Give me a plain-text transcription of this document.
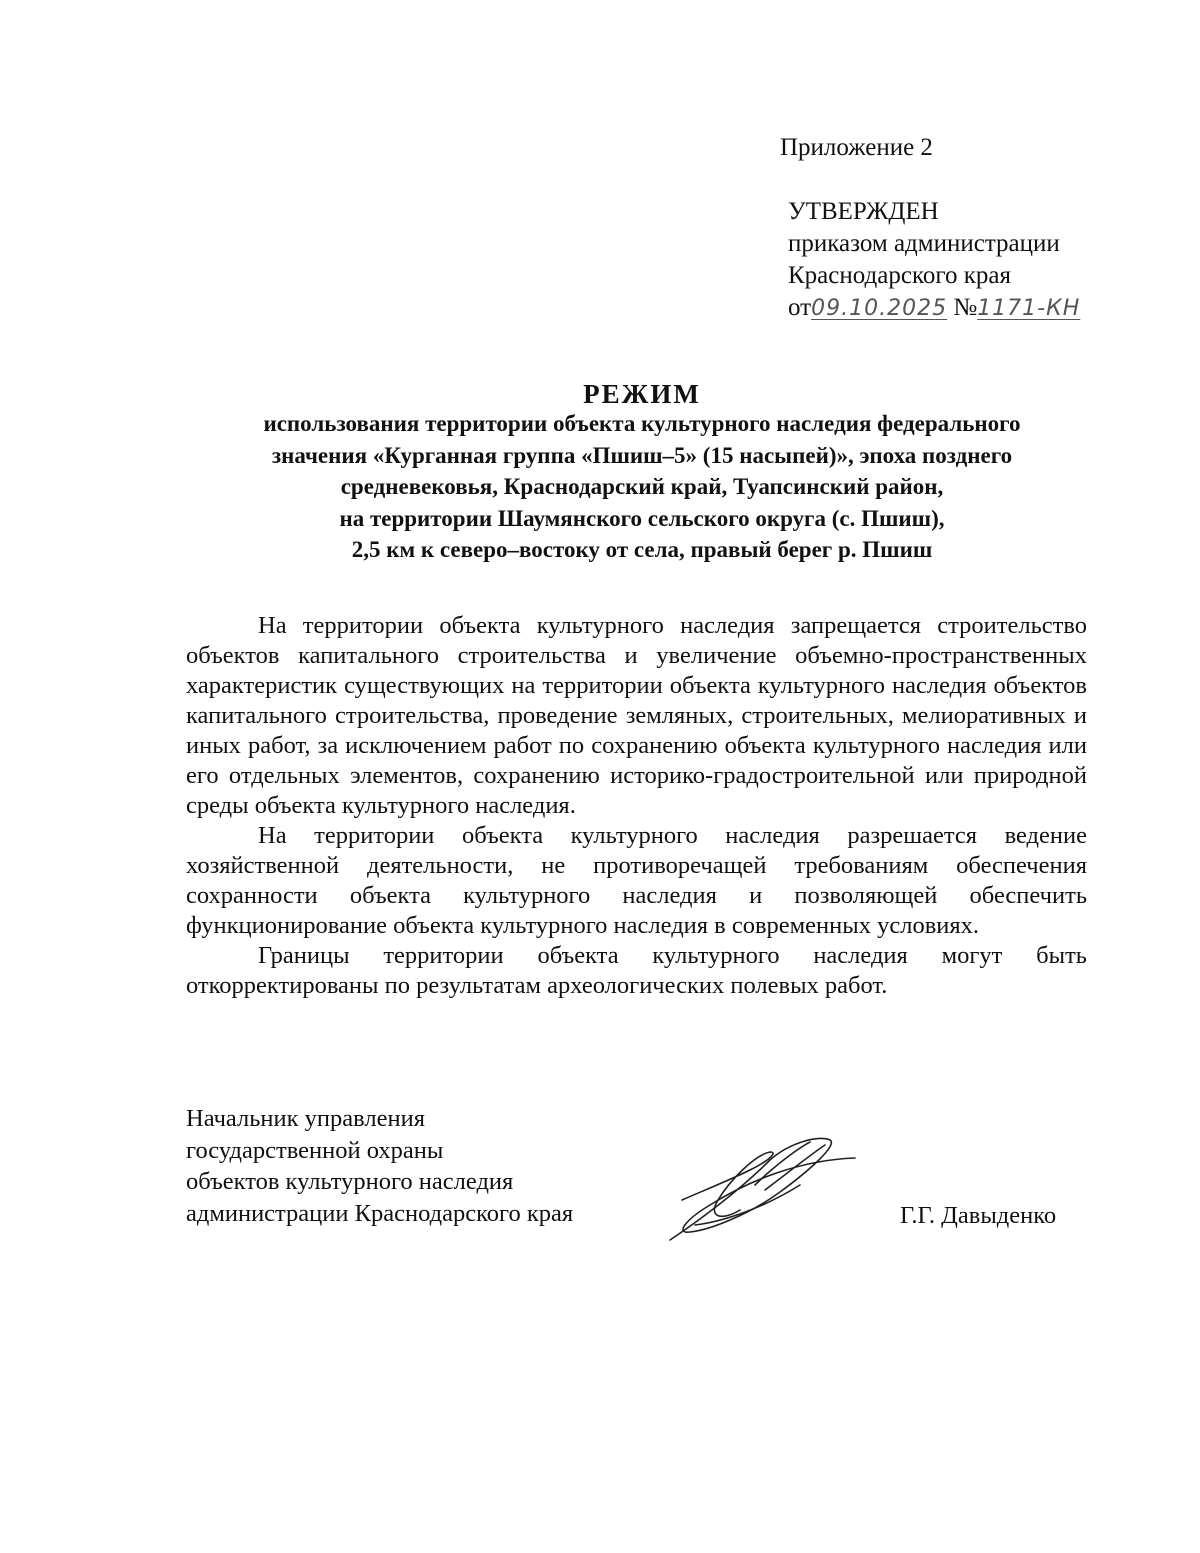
Приложение 2
УТВЕРЖДЕН
приказом администрации
Краснодарского края
от09.10.2025 №1171-КН
РЕЖИМ
использования территории объекта культурного наследия федерального
значения «Курганная группа «Пшиш–5» (15 насыпей)», эпоха позднего
средневековья, Краснодарский край, Туапсинский район,
на территории Шаумянского сельского округа (с. Пшиш),
2,5 км к северо–востоку от села, правый берег р. Пшиш

На территории объекта культурного наследия запрещается строительство объектов капитального строительства и увеличение объемно-пространственных характеристик существующих на территории объекта культурного наследия объектов капитального строительства, проведение земляных, строительных, мелиоративных и иных работ, за исключением работ по сохранению объекта культурного наследия или его отдельных элементов, сохранению историко-градостроительной или природной среды объекта культурного наследия.

На территории объекта культурного наследия разрешается ведение хозяйственной деятельности, не противоречащей требованиям обеспечения сохранности объекта культурного наследия и позволяющей обеспечить функционирование объекта культурного наследия в современных условиях.

Границы территории объекта культурного наследия могут быть откорректированы по результатам археологических полевых работ.

Начальник управления
государственной охраны
объектов культурного наследия
администрации Краснодарского края	Г.Г. Давыденко
